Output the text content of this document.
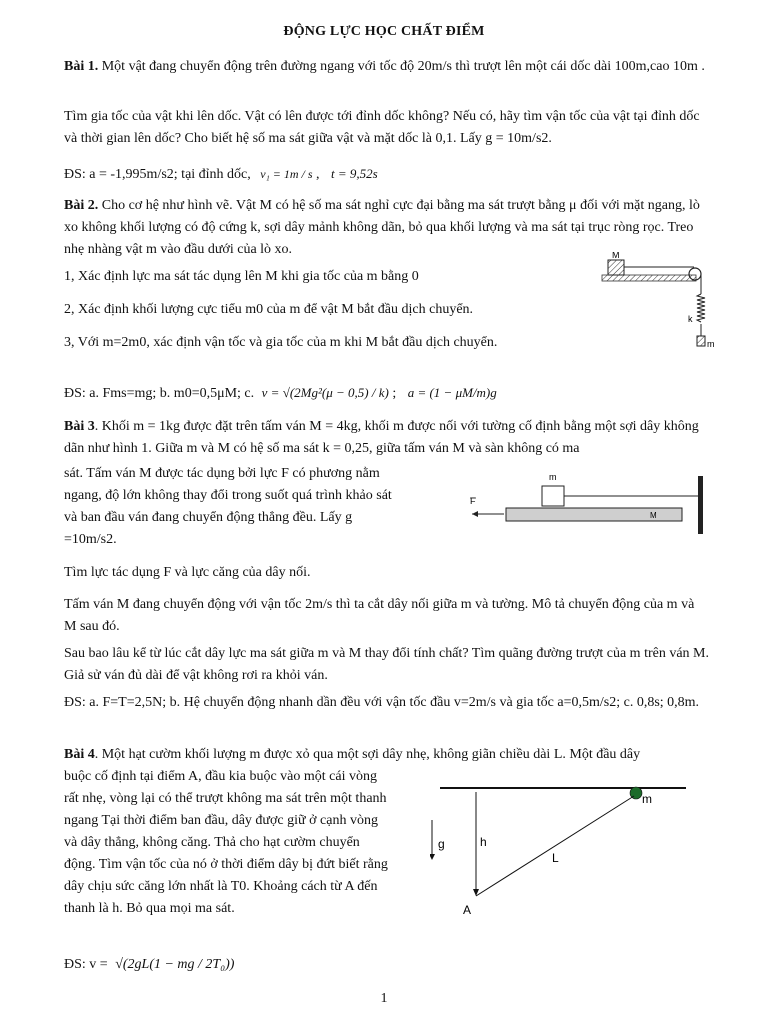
ĐỘNG LỰC HỌC CHẤT ĐIỂM

Bài 1. Một vật đang chuyển động trên đường ngang với tốc độ 20m/s thì trượt lên một cái dốc dài 100m,cao 10m .

Tìm gia tốc của vật khi lên dốc. Vật có lên được tới đỉnh dốc không? Nếu có, hãy tìm vận tốc của vật tại đỉnh dốc và thời gian lên dốc? Cho biết hệ số ma sát giữa vật và mặt dốc là 0,1. Lấy g = 10m/s2.

ĐS: a = -1,995m/s2; tại đỉnh dốc, v₁ = 1m / s , t = 9,52s

Bài 2. Cho cơ hệ như hình vẽ. Vật M có hệ số ma sát nghỉ cực đại bằng ma sát trượt bằng μ đối với mặt ngang, lò xo không khối lượng có độ cứng k, sợi dây mảnh không dãn, bỏ qua khối lượng và ma sát tại trục ròng rọc. Treo nhẹ nhàng vật m vào đầu dưới của lò xo.

1, Xác định lực ma sát tác dụng lên M khi gia tốc của m bằng 0

2, Xác định khối lượng cực tiểu m0 của m để vật M bắt đầu dịch chuyển.

3, Với m=2m0, xác định vận tốc và gia tốc của m khi M bắt đầu dịch chuyển.

ĐS: a. Fms=mg; b. m0=0,5μM; c. v = √(2Mg²(μ − 0,5) / k) ; a = (1 − μM/m)g

M
k
m

Bài 3. Khối m = 1kg được đặt trên tấm ván M = 4kg, khối m được nối với tường cố định bằng một sợi dây không dãn như hình 1. Giữa m và M có hệ số ma sát k = 0,25, giữa tấm ván M và sàn không có ma

sát. Tấm ván M được tác dụng bởi lực F có phương nằm

ngang, độ lớn không thay đổi trong suốt quá trình khảo sát

và ban đầu ván đang chuyển động thẳng đều. Lấy g

=10m/s2.

m
M
F

Tìm lực tác dụng F và lực căng của dây nối.

Tấm ván M đang chuyển động với vận tốc 2m/s thì ta cắt dây nối giữa m và tường. Mô tả chuyển động của m và M sau đó.

Sau bao lâu kể từ lúc cắt dây lực ma sát giữa m và M thay đổi tính chất? Tìm quãng đường trượt của m trên ván M. Giả sử ván đủ dài để vật không rơi ra khỏi ván.

ĐS: a. F=T=2,5N; b. Hệ chuyển động nhanh dần đều với vận tốc đầu v=2m/s và gia tốc a=0,5m/s2; c. 0,8s; 0,8m.

Bài 4. Một hạt cườm khối lượng m được xỏ qua một sợi dây nhẹ, không giãn chiều dài L. Một đầu dây

buộc cố định tại điểm A, đầu kia buộc vào một cái vòng

rất nhẹ, vòng lại có thể trượt không ma sát trên một thanh

ngang Tại thời điểm ban đầu, dây được giữ ở cạnh vòng

và dây thẳng, không căng. Thả cho hạt cườm chuyển

động. Tìm vận tốc của nó ở thời điểm dây bị đứt biết rằng

dây chịu sức căng lớn nhất là T0. Khoảng cách từ A đến

thanh là h. Bỏ qua mọi ma sát.

m
h
L
A
g

ĐS: v = √(2gL(1 − mg / 2T₀))

1
